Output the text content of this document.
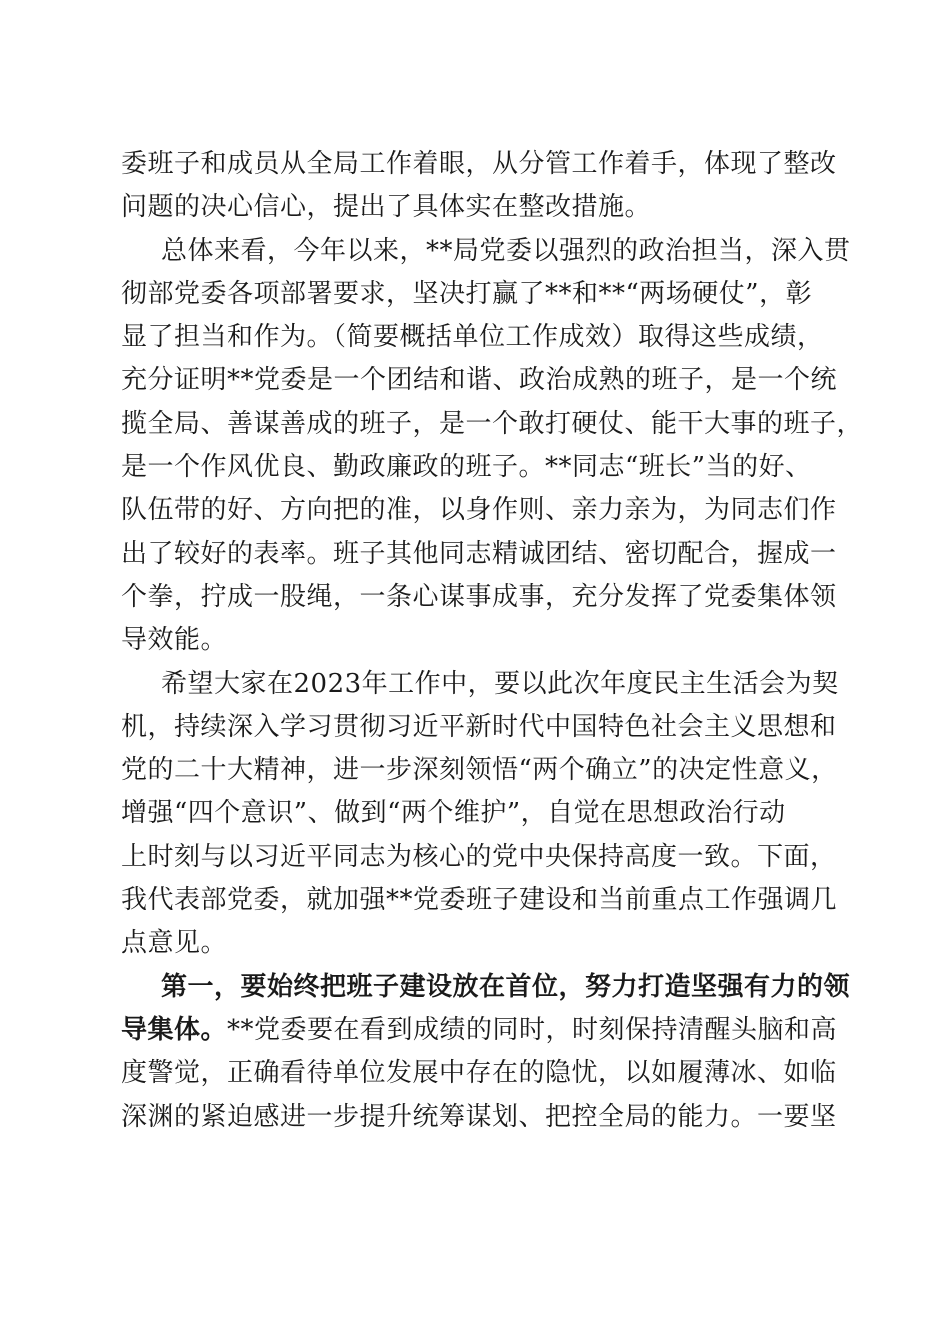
委班子和成员从全局工作着眼，从分管工作着手，体现了整改
问题的决心信心，提出了具体实在整改措施。

总体来看，今年以来，**局党委以强烈的政治担当，深入贯
彻部党委各项部署要求，坚决打赢了**和**“两场硬仗”，彰
显了担当和作为。（简要概括单位工作成效）取得这些成绩，
充分证明**党委是一个团结和谐、政治成熟的班子，是一个统
揽全局、善谋善成的班子，是一个敢打硬仗、能干大事的班子，
是一个作风优良、勤政廉政的班子。**同志“班长”当的好、
队伍带的好、方向把的准，以身作则、亲力亲为，为同志们作
出了较好的表率。班子其他同志精诚团结、密切配合，握成一
个拳，拧成一股绳，一条心谋事成事，充分发挥了党委集体领
导效能。

希望大家在2023年工作中，要以此次年度民主生活会为契
机，持续深入学习贯彻习近平新时代中国特色社会主义思想和
党的二十大精神，进一步深刻领悟“两个确立”的决定性意义，
增强“四个意识”、做到“两个维护”，自觉在思想政治行动
上时刻与以习近平同志为核心的党中央保持高度一致。下面，
我代表部党委，就加强**党委班子建设和当前重点工作强调几
点意见。

第一，要始终把班子建设放在首位，努力打造坚强有力的领
导集体。**党委要在看到成绩的同时，时刻保持清醒头脑和高
度警觉，正确看待单位发展中存在的隐忧，以如履薄冰、如临
深渊的紧迫感进一步提升统筹谋划、把控全局的能力。一要坚
